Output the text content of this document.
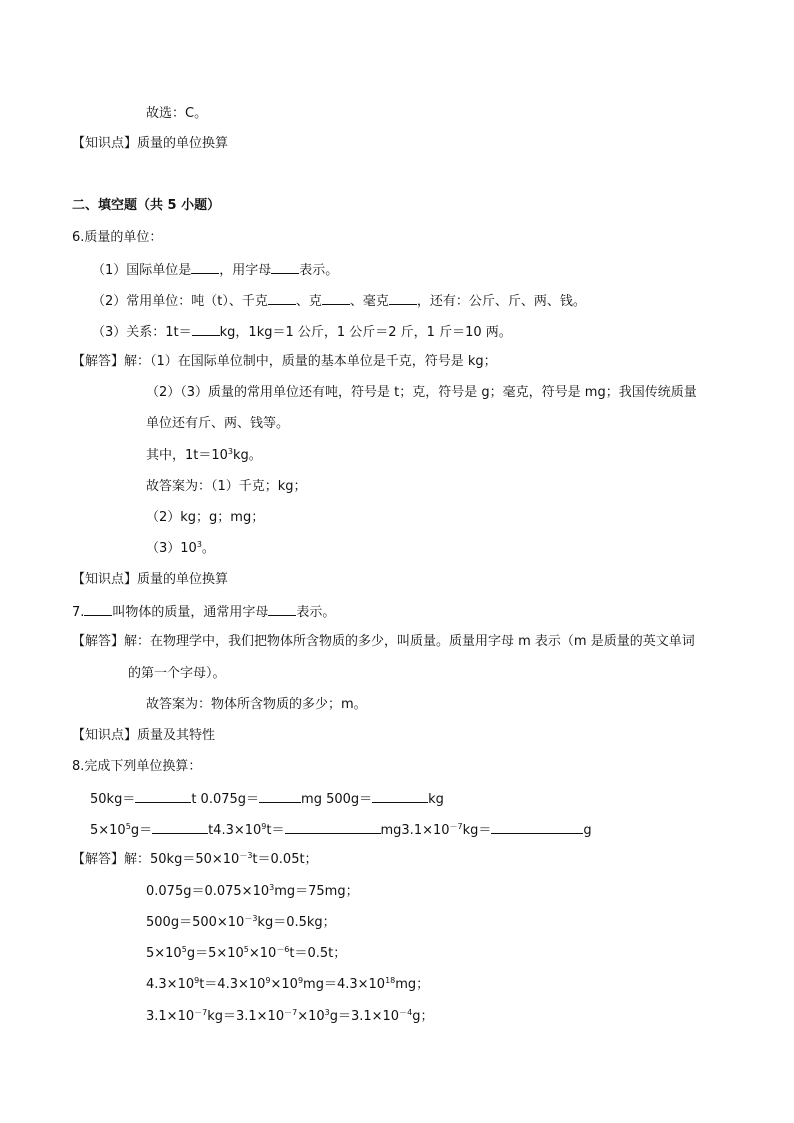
故选：C。
【知识点】质量的单位换算
二、填空题（共 5 小题）
6.质量的单位：
（1）国际单位是 ，用字母 表示。
（2）常用单位：吨（t）、千克 、克 、毫克 ，还有：公斤、斤、两、钱。
（3）关系：1t＝ kg，1kg＝1 公斤，1 公斤＝2 斤，1 斤＝10 两。
【解答】解：（1）在国际单位制中，质量的基本单位是千克，符号是 kg；
（2）（3）质量的常用单位还有吨，符号是 t；克，符号是 g；毫克，符号是 mg；我国传统质量
单位还有斤、两、钱等。
其中，$1t=10^3kg$。
故答案为：（1）千克；kg；
（2）kg；g；mg；
$(3)10^3$。
【知识点】质量的单位换算
7. 叫物体的质量，通常用字母 表示。
【解答】解：在物理学中，我们把物体所含物质的多少，叫质量。质量用字母 m 表示（m 是质量的英文单词
的第一个字母）。
故答案为：物体所含物质的多少；m。
【知识点】质量及其特性
8.完成下列单位换算：
50kg＝	t 0.075g＝	mg 500g＝	kg
$5\times 10^5g=$	$t4.3\times 10^9t=$	$mg3.1\times 10^{-7}kg=$	g
【解答】解：$50kg=50\times 10^{-3}t=0.05t$；
$0.075g=0.075\times 10^3mg=75mg$；
$500g=500\times 10^{-3}kg=0.5kg$；
$5\times 10^5g=5\times 10^5\times 10^{-6}t=0.5t$；
$4.3\times 10^9t=4.3\times 10^9\times 10^9mg=4.3\times 10^{18}mg$；
$3.1\times 10^{-7}kg=3.1\times 10^{-7}\times 10^3g=3.1\times 10^{-4}g$；
